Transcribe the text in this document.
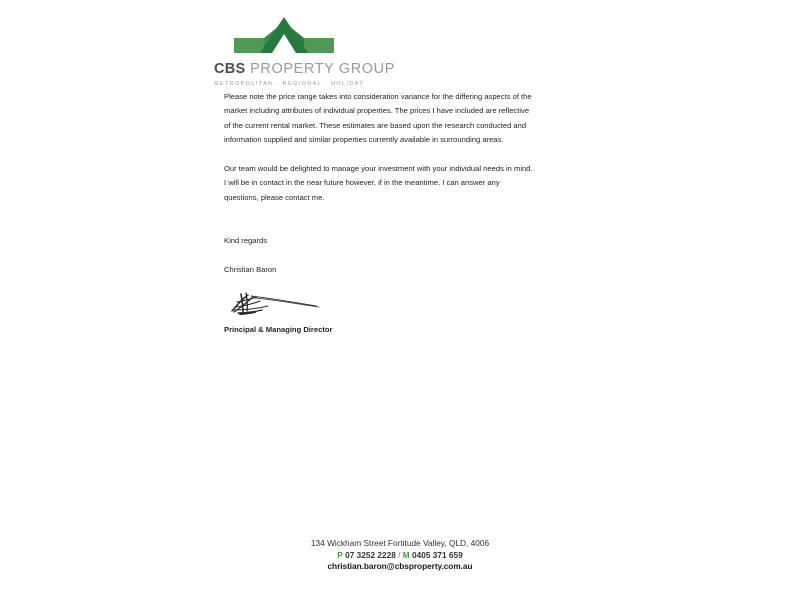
CBS PROPERTY GROUP
METROPOLITAN · REGIONAL · HOLIDAY

Please note the price range takes into consideration variance for the differing aspects of the market including attributes of individual properties. The prices I have included are reflective of the current rental market. These estimates are based upon the research conducted and information supplied and similar properties currently available in surrounding areas.

Our team would be delighted to manage your investment with your individual needs in mind. I will be in contact in the near future however, if in the meantime, I can answer any questions, please contact me.

Kind regards
Christian Baron
Principal & Managing Director
134 Wickham Street Fortitude Valley, QLD, 4006
P 07 3252 2228 / M 0405 371 659
christian.baron@cbsproperty.com.au
